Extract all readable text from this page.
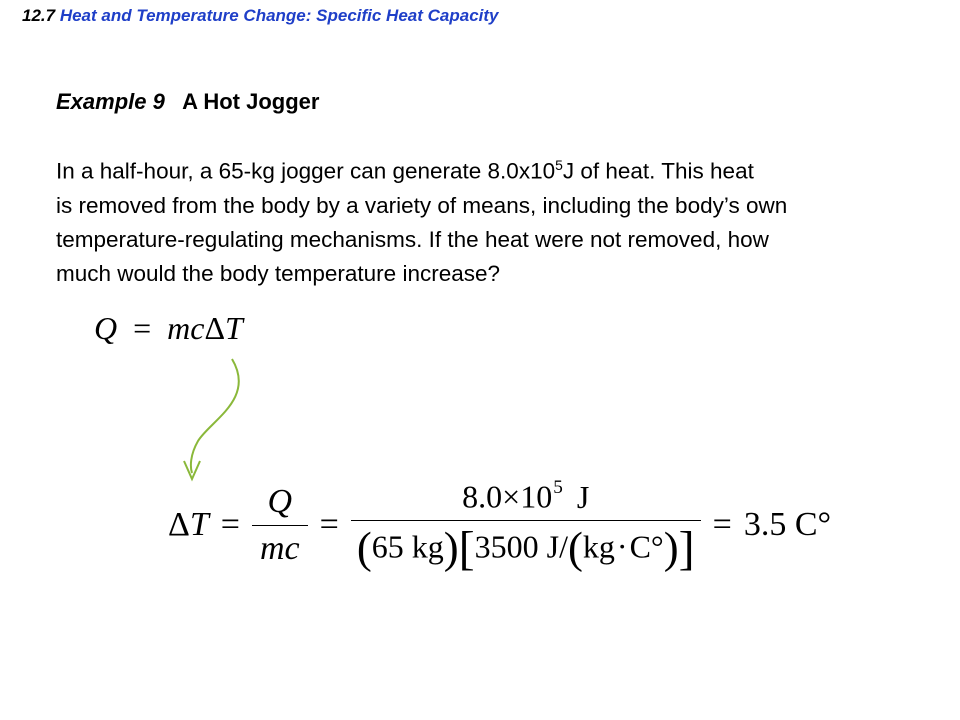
12.7 Heat and Temperature Change: Specific Heat Capacity
Example 9 A Hot Jogger
In a half-hour, a 65-kg jogger can generate $8.0x10^5J$ of heat. This heat
is removed from the body by a variety of means, including the body’s own
temperature-regulating mechanisms. If the heat were not removed, how
much would the body temperature increase?
Q = mcΔT
$\Delta T = \frac{Q}{mc} = \frac{8.0\times 10^5 J}{(65 kg)[3500 J/(kg\cdot C^\circ)]} = 3.5$ C°
